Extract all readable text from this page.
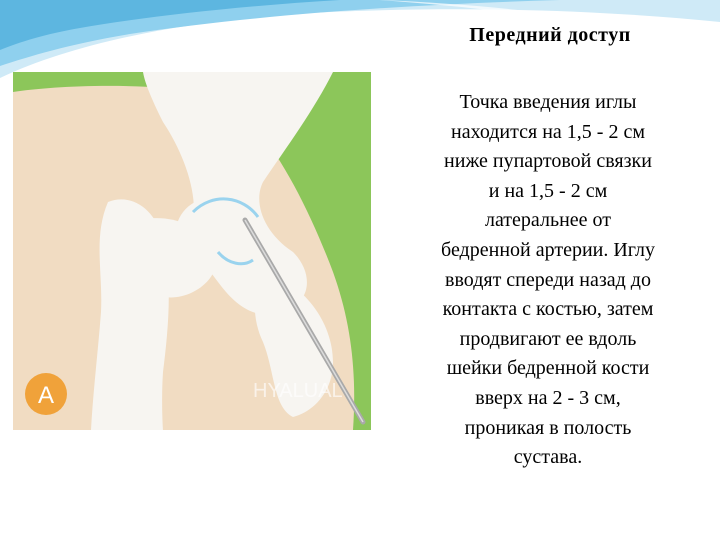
Передний доступ
A	HYALUAL
Точка введения иглы
находится на 1,5 - 2 см
ниже пупартовой связки
и на 1,5 - 2 см
латеральнее от
бедренной артерии. Иглу
вводят спереди назад до
контакта с костью, затем
продвигают ее вдоль
шейки бедренной кости
вверх на 2 - 3 см,
проникая в полость
сустава.
